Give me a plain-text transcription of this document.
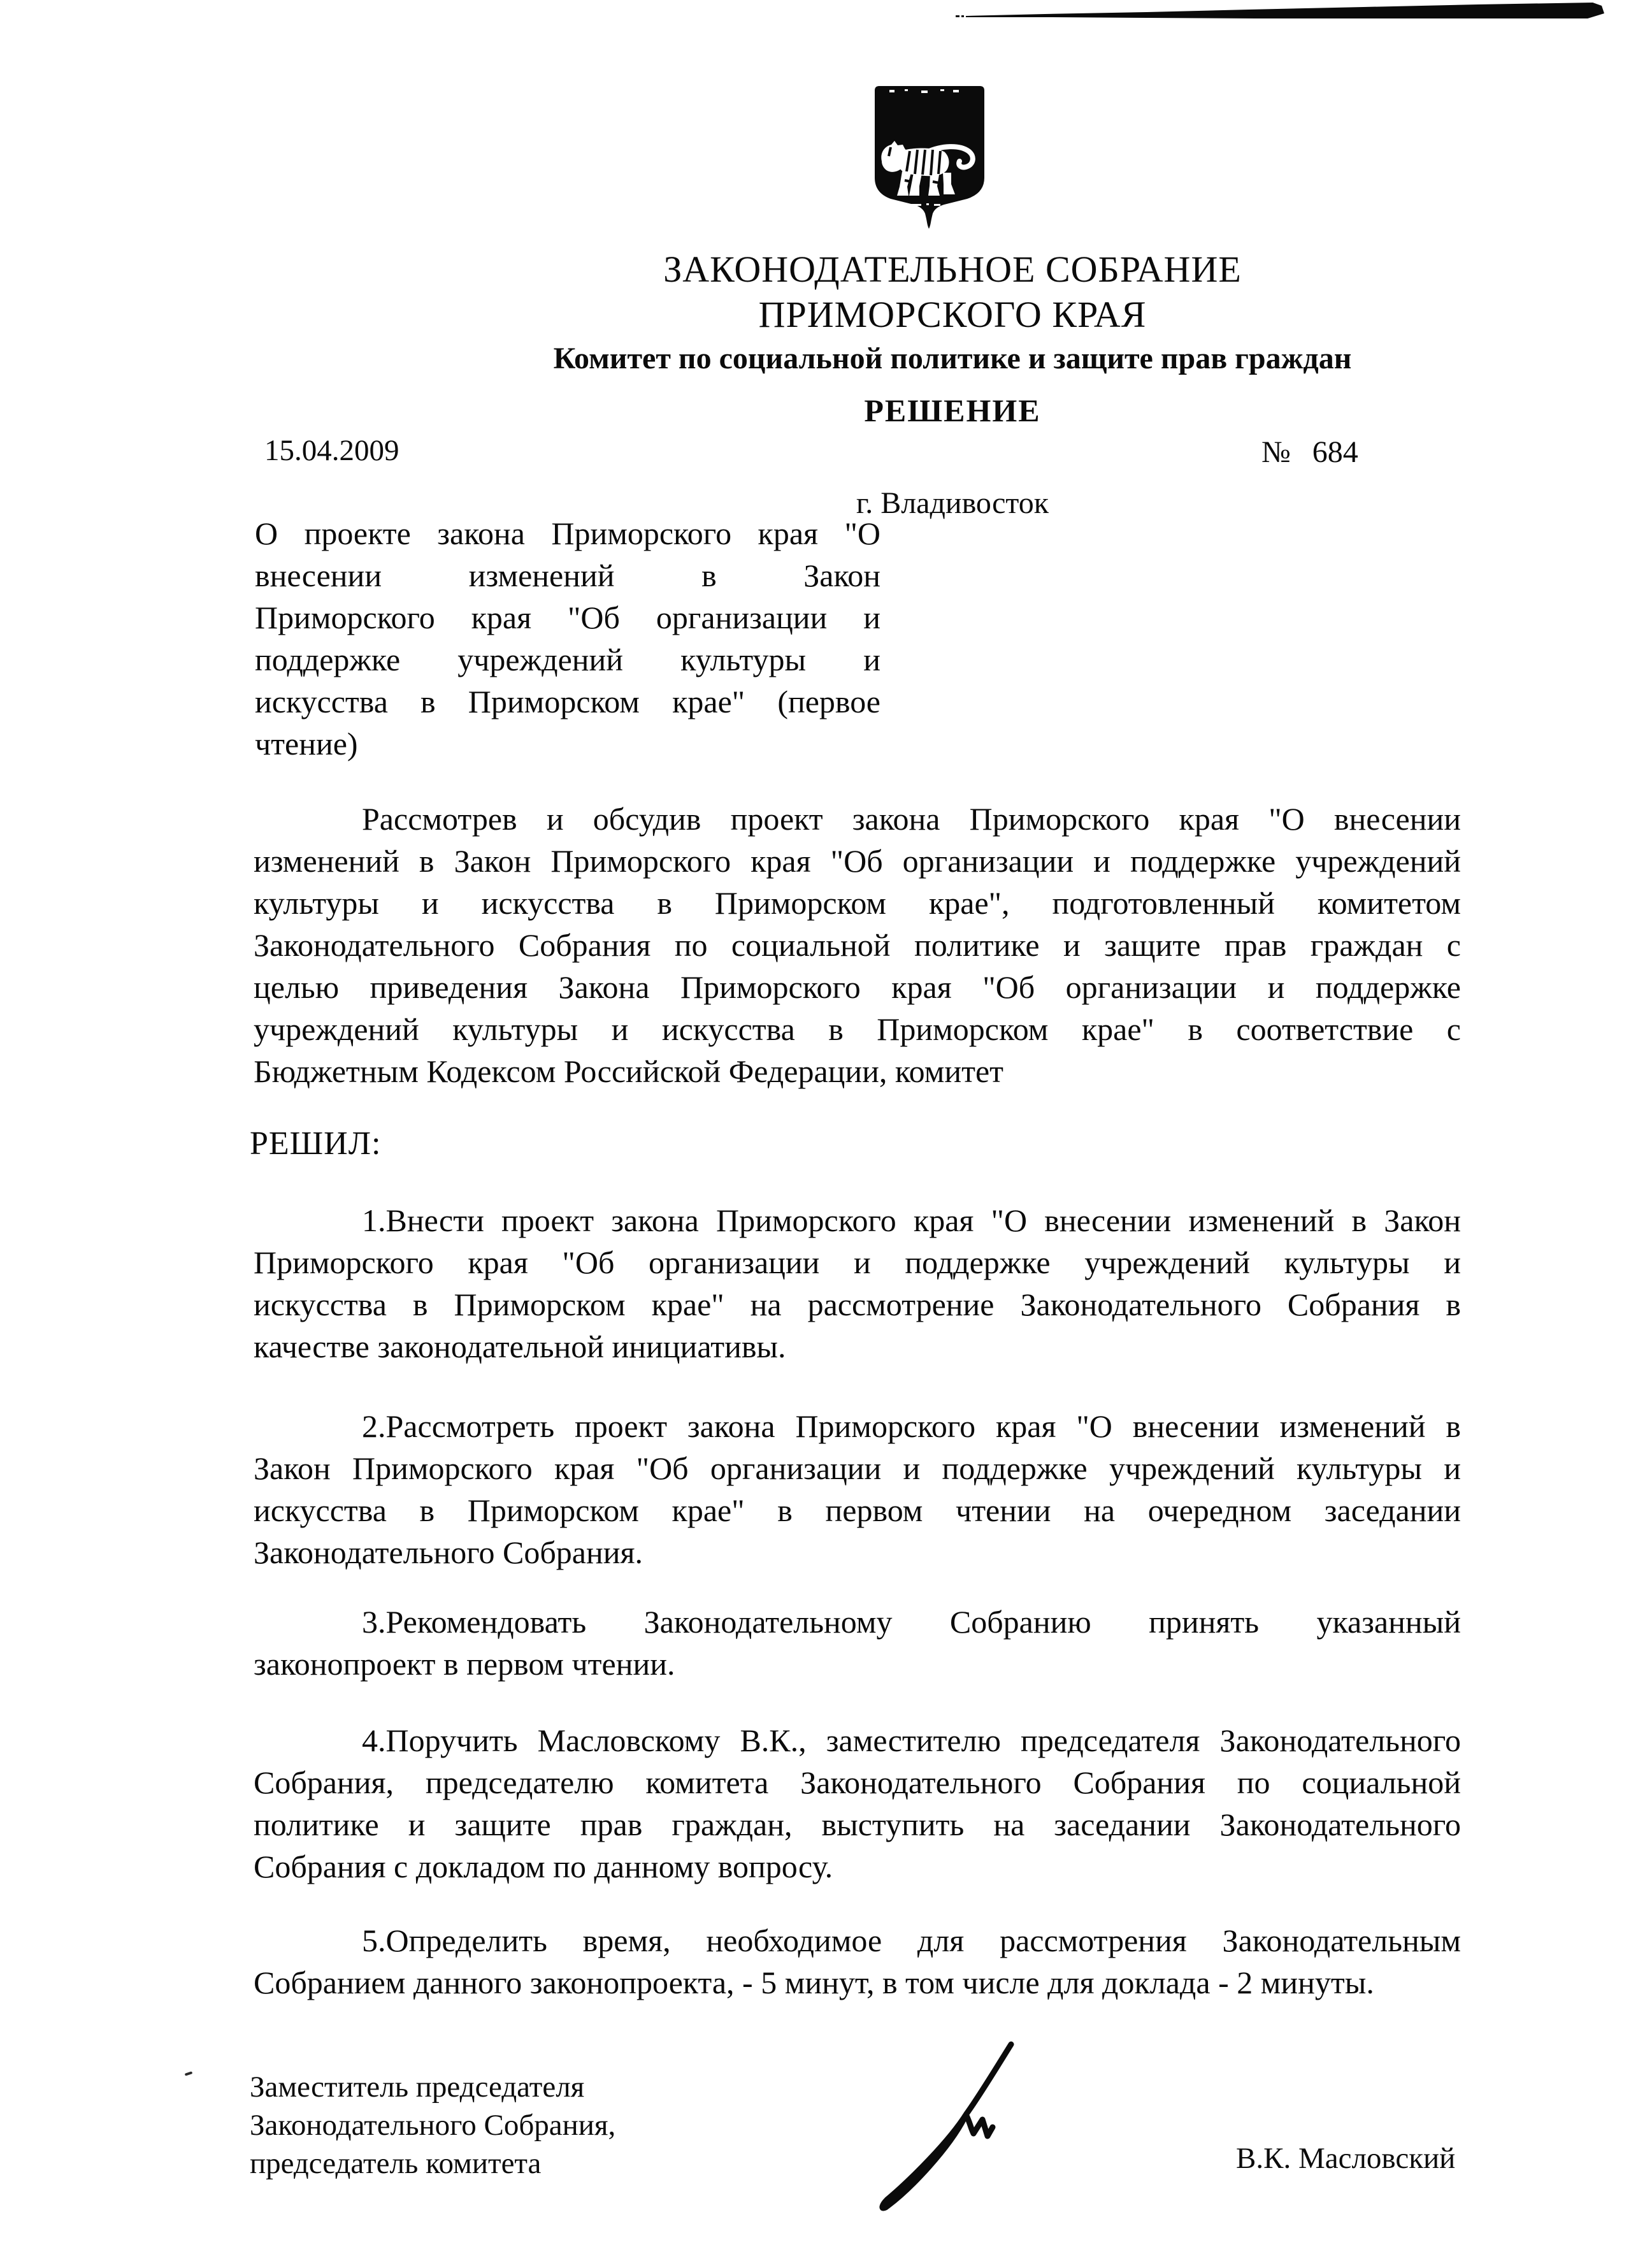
ЗАКОНОДАТЕЛЬНОЕ СОБРАНИЕ
ПРИМОРСКОГО КРАЯ
Комитет по социальной политике и защите прав граждан
РЕШЕНИЕ
15.04.2009	№ 684
г. Владивосток
О проекте закона Приморского края "О
внесении изменений в Закон
Приморского края "Об организации и
поддержке учреждений культуры и
искусства в Приморском крае" (первое
чтение)
Рассмотрев и обсудив проект закона Приморского края "О внесении
изменений в Закон Приморского края "Об организации и поддержке учреждений
культуры и искусства в Приморском крае", подготовленный комитетом
Законодательного Собрания по социальной политике и защите прав граждан с
целью приведения Закона Приморского края "Об организации и поддержке
учреждений культуры и искусства в Приморском крае" в соответствие с
Бюджетным Кодексом Российской Федерации, комитет
РЕШИЛ:
1.Внести проект закона Приморского края "О внесении изменений в Закон
Приморского края "Об организации и поддержке учреждений культуры и
искусства в Приморском крае" на рассмотрение Законодательного Собрания в
качестве законодательной инициативы.
2.Рассмотреть проект закона Приморского края "О внесении изменений в
Закон Приморского края "Об организации и поддержке учреждений культуры и
искусства в Приморском крае" в первом чтении на очередном заседании
Законодательного Собрания.
3.Рекомендовать Законодательному Собранию принять указанный
законопроект в первом чтении.
4.Поручить Масловскому В.К., заместителю председателя Законодательного
Собрания, председателю комитета Законодательного Собрания по социальной
политике и защите прав граждан, выступить на заседании Законодательного
Собрания с докладом по данному вопросу.
5.Определить время, необходимое для рассмотрения Законодательным
Собранием данного законопроекта, - 5 минут, в том числе для доклада - 2 минуты.
Заместитель председателя
Законодательного Собрания,
председатель комитета	В.К. Масловский
